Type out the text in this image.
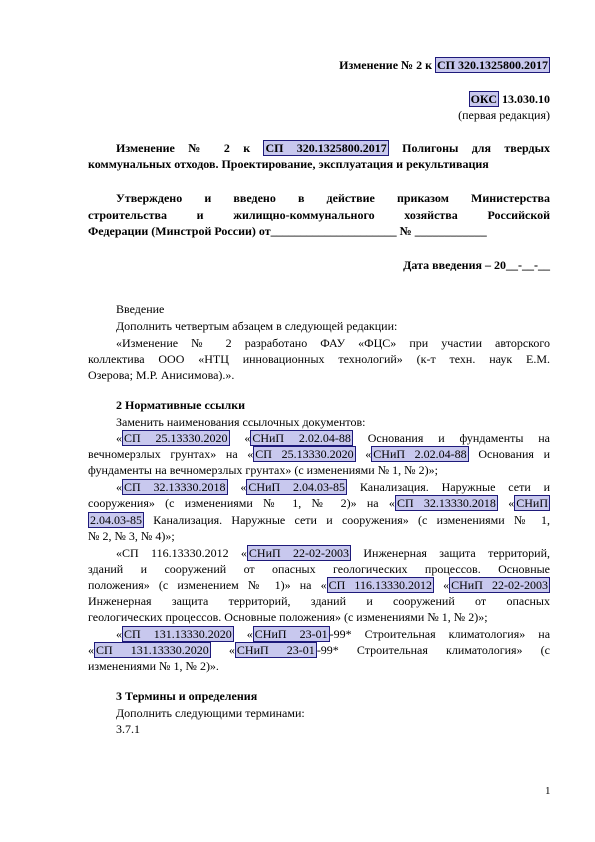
Изменение № 2 к СП 320.1325800.2017
ОКС 13.030.10
(первая редакция)
Изменение № 2 к СП 320.1325800.2017 Полигоны для твердых
коммунальных отходов. Проектирование, эксплуатация и рекультивация
Утверждено и введено в действие приказом Министерства
строительства и жилищно-коммунального хозяйства Российской
Федерации (Минстрой России) от_____________________ № ____________
Дата введения – 20__-__-__
Введение
Дополнить четвертым абзацем в следующей редакции:
«Изменение № 2 разработано ФАУ «ФЦС» при участии авторского
коллектива ООО «НТЦ инновационных технологий» (к-т техн. наук Е.М.
Озерова; М.Р. Анисимова).».
2 Нормативные ссылки
Заменить наименования ссылочных документов:
« СП 25.13330.2020 « СНиП 2.02.04-88 Основания и фундаменты на
вечномерзлых грунтах» на « СП 25.13330.2020 « СНиП 2.02.04-88 Основания и
фундаменты на вечномерзлых грунтах» (с изменениями № 1, № 2)»;
« СП 32.13330.2018 « СНиП 2.04.03-85 Канализация. Наружные сети и
сооружения» (с изменениями № 1, № 2)» на « СП 32.13330.2018 « СНиП
2.04.03-85 Канализация. Наружные сети и сооружения» (с изменениями № 1,
№ 2, № 3, № 4)»;
«СП 116.13330.2012 « СНиП 22-02-2003 Инженерная защита территорий,
зданий и сооружений от опасных геологических процессов. Основные
положения» (с изменением № 1)» на « СП 116.13330.2012 « СНиП 22-02-2003
Инженерная защита территорий, зданий и сооружений от опасных
геологических процессов. Основные положения» (с изменениями № 1, № 2)»;
« СП 131.13330.2020 « СНиП 23-01 -99* Строительная климатология» на
« СП 131.13330.2020 « СНиП 23-01 -99* Строительная климатология» (с
изменениями № 1, № 2)».
3 Термины и определения
Дополнить следующими терминами:
3.7.1
1
